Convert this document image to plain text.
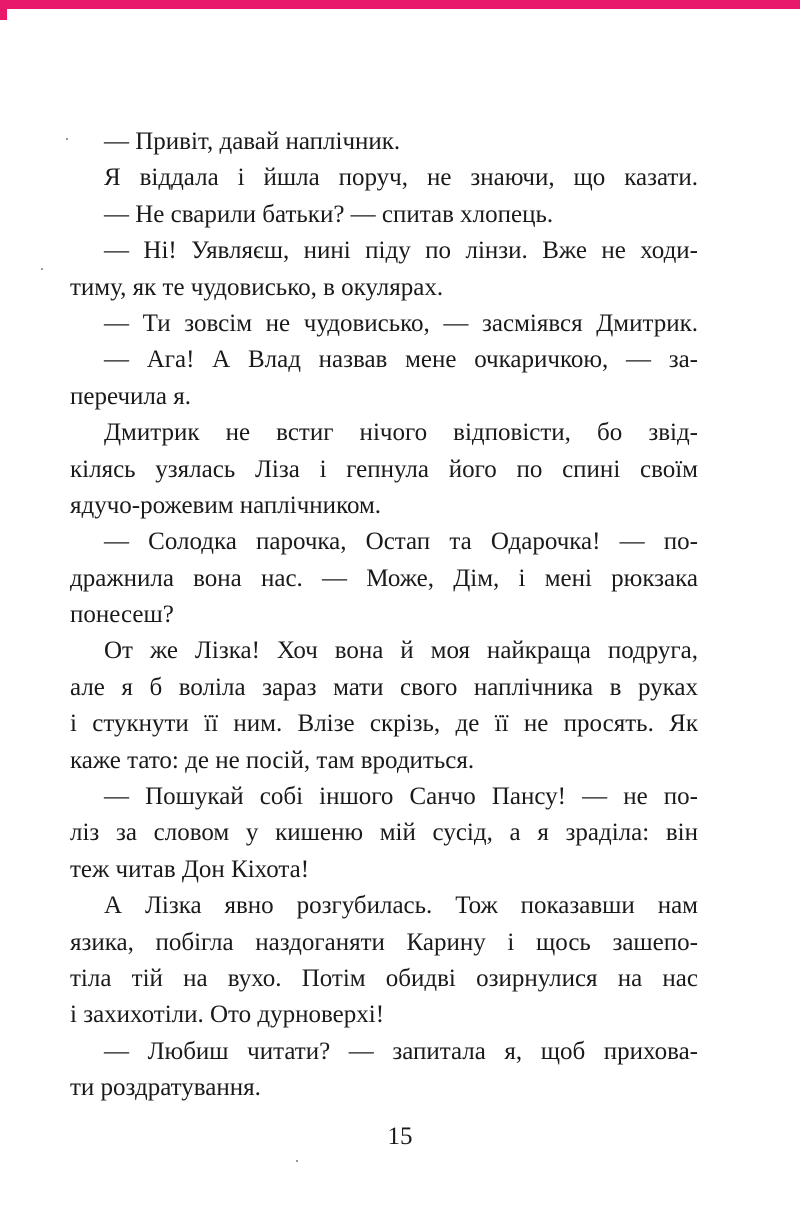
— Привіт, давай наплічник.
Я віддала і йшла поруч, не знаючи, що казати.
— Не сварили батьки? — спитав хлопець.
— Ні! Уявляєш, нині піду по лінзи. Вже не ходи-
тиму, як те чудовисько, в окулярах.
— Ти зовсім не чудовисько, — засміявся Дмитрик.
— Ага! А Влад назвав мене очкаричкою, — за-
перечила я.
Дмитрик не встиг нічого відповісти, бо звід-
кілясь узялась Ліза і гепнула його по спині своїм
ядучо-рожевим наплічником.
— Солодка парочка, Остап та Одарочка! — по-
дражнила вона нас. — Може, Дім, і мені рюкзака
понесеш?
От же Лізка! Хоч вона й моя найкраща подруга,
але я б воліла зараз мати свого наплічника в руках
і стукнути її ним. Влізе скрізь, де її не просять. Як
каже тато: де не посій, там вродиться.
— Пошукай собі іншого Санчо Пансу! — не по-
ліз за словом у кишеню мій сусід, а я зраділа: він
теж читав Дон Кіхота!
А Лізка явно розгубилась. Тож показавши нам
язика, побігла наздоганяти Карину і щось зашепо-
тіла тій на вухо. Потім обидві озирнулися на нас
і захихотіли. Ото дурноверхі!
— Любиш читати? — запитала я, щоб прихова-
ти роздратування.
15
